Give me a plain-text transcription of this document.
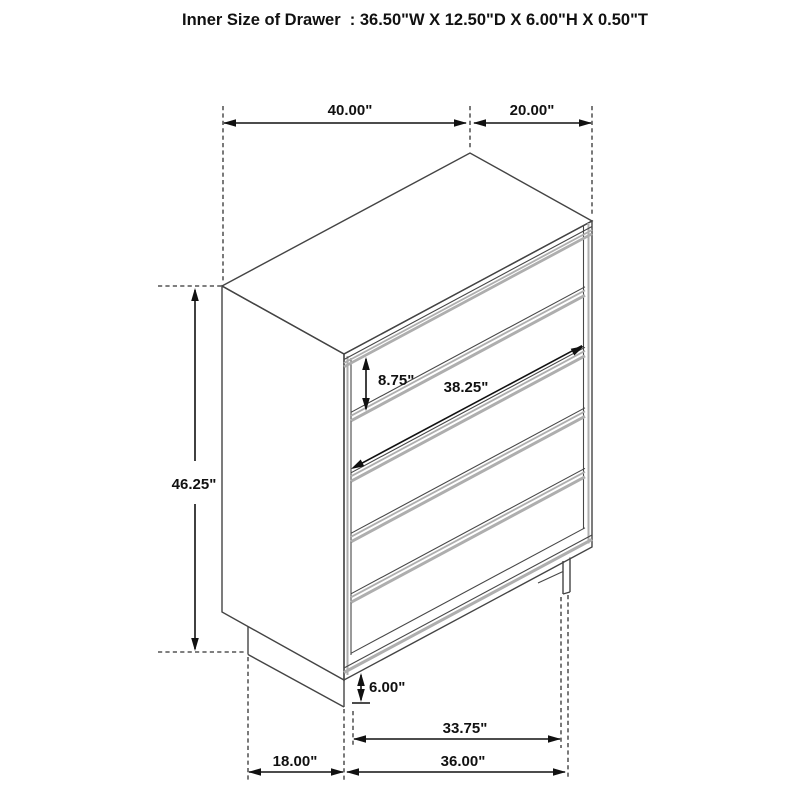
Inner Size of Drawer  : 36.50"W X 12.50"D X 6.00"H X 0.50"T
40.00"	20.00"
46.25"
8.75" 38.25"
6.00"
33.75"
36.00"
18.00"
